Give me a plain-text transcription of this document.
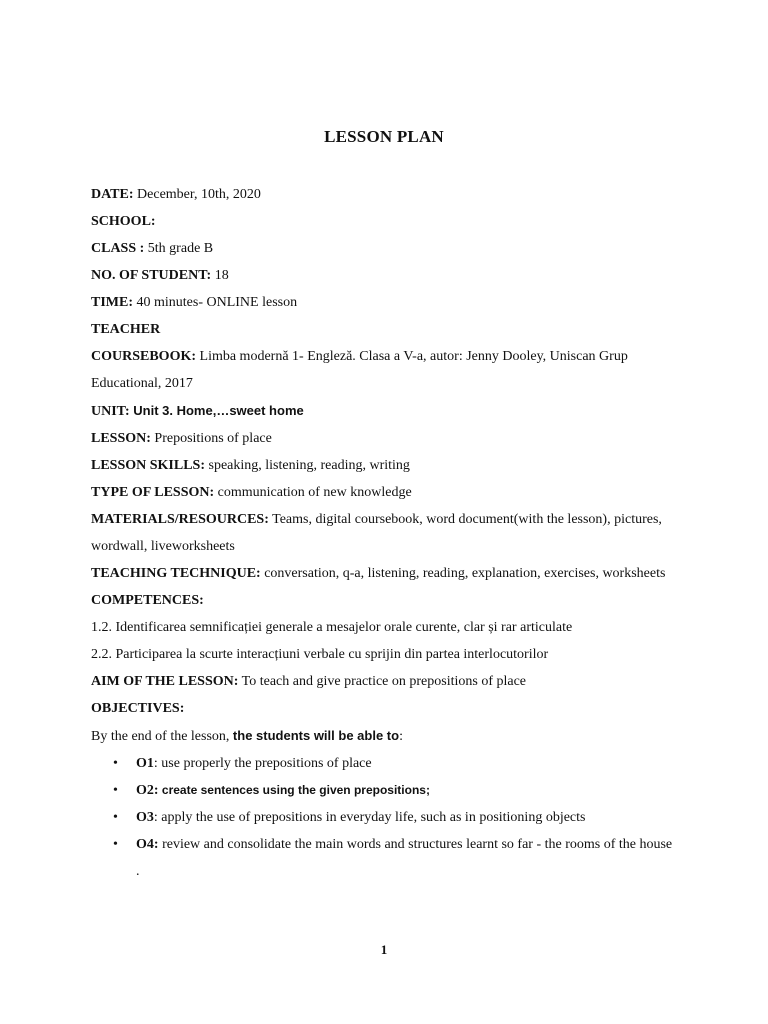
LESSON PLAN

DATE: December, 10th, 2020

SCHOOL:

CLASS : 5th grade B

NO. OF STUDENT: 18

TIME: 40 minutes- ONLINE lesson

TEACHER

COURSEBOOK: Limba modernă 1- Engleză. Clasa a V-a, autor: Jenny Dooley, Uniscan Grup Educational, 2017

UNIT: Unit 3. Home,…sweet home

LESSON: Prepositions of place

LESSON SKILLS: speaking, listening, reading, writing

TYPE OF LESSON: communication of new knowledge

MATERIALS/RESOURCES: Teams, digital coursebook, word document(with the lesson), pictures, wordwall, liveworksheets

TEACHING TECHNIQUE: conversation, q-a, listening, reading, explanation, exercises, worksheets

COMPETENCES:

1.2. Identificarea semnificației generale a mesajelor orale curente, clar și rar articulate

2.2. Participarea la scurte interacțiuni verbale cu sprijin din partea interlocutorilor

AIM OF THE LESSON: To teach and give practice on prepositions of place

OBJECTIVES:

By the end of the lesson, the students will be able to:

• O1: use properly the prepositions of place
• O2: create sentences using the given prepositions;
• O3: apply the use of prepositions in everyday life, such as in positioning objects
• O4: review and consolidate the main words and structures learnt so far - the rooms of the house

.

1
